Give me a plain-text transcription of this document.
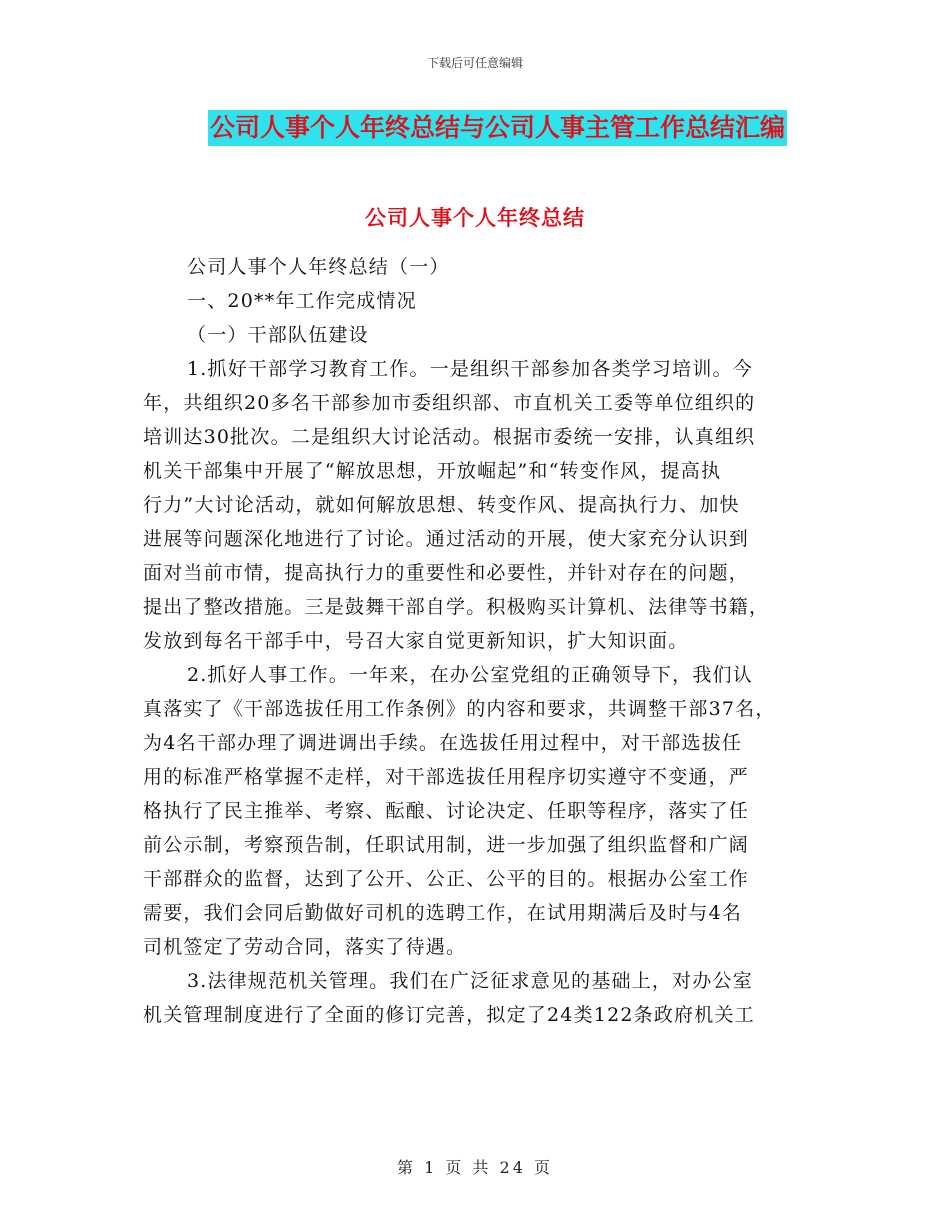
下载后可任意编辑
公司人事个人年终总结与公司人事主管工作总结汇编
公司人事个人年终总结
公司人事个人年终总结（一）
一、20**年工作完成情况
（一）干部队伍建设
1.抓好干部学习教育工作。一是组织干部参加各类学习培训。今
年，共组织20多名干部参加市委组织部、市直机关工委等单位组织的
培训达30批次。二是组织大讨论活动。根据市委统一安排，认真组织
机关干部集中开展了“解放思想，开放崛起”和“转变作风，提高执
行力”大讨论活动，就如何解放思想、转变作风、提高执行力、加快
进展等问题深化地进行了讨论。通过活动的开展，使大家充分认识到
面对当前市情，提高执行力的重要性和必要性，并针对存在的问题，
提出了整改措施。三是鼓舞干部自学。积极购买计算机、法律等书籍，
发放到每名干部手中，号召大家自觉更新知识，扩大知识面。
2.抓好人事工作。一年来，在办公室党组的正确领导下，我们认
真落实了《干部选拔任用工作条例》的内容和要求，共调整干部37名，
为4名干部办理了调进调出手续。在选拔任用过程中，对干部选拔任
用的标准严格掌握不走样，对干部选拔任用程序切实遵守不变通，严
格执行了民主推举、考察、酝酿、讨论决定、任职等程序，落实了任
前公示制，考察预告制，任职试用制，进一步加强了组织监督和广阔
干部群众的监督，达到了公开、公正、公平的目的。根据办公室工作
需要，我们会同后勤做好司机的选聘工作，在试用期满后及时与4名
司机签定了劳动合同，落实了待遇。
3.法律规范机关管理。我们在广泛征求意见的基础上，对办公室
机关管理制度进行了全面的修订完善，拟定了24类122条政府机关工
第 1 页 共 24 页
